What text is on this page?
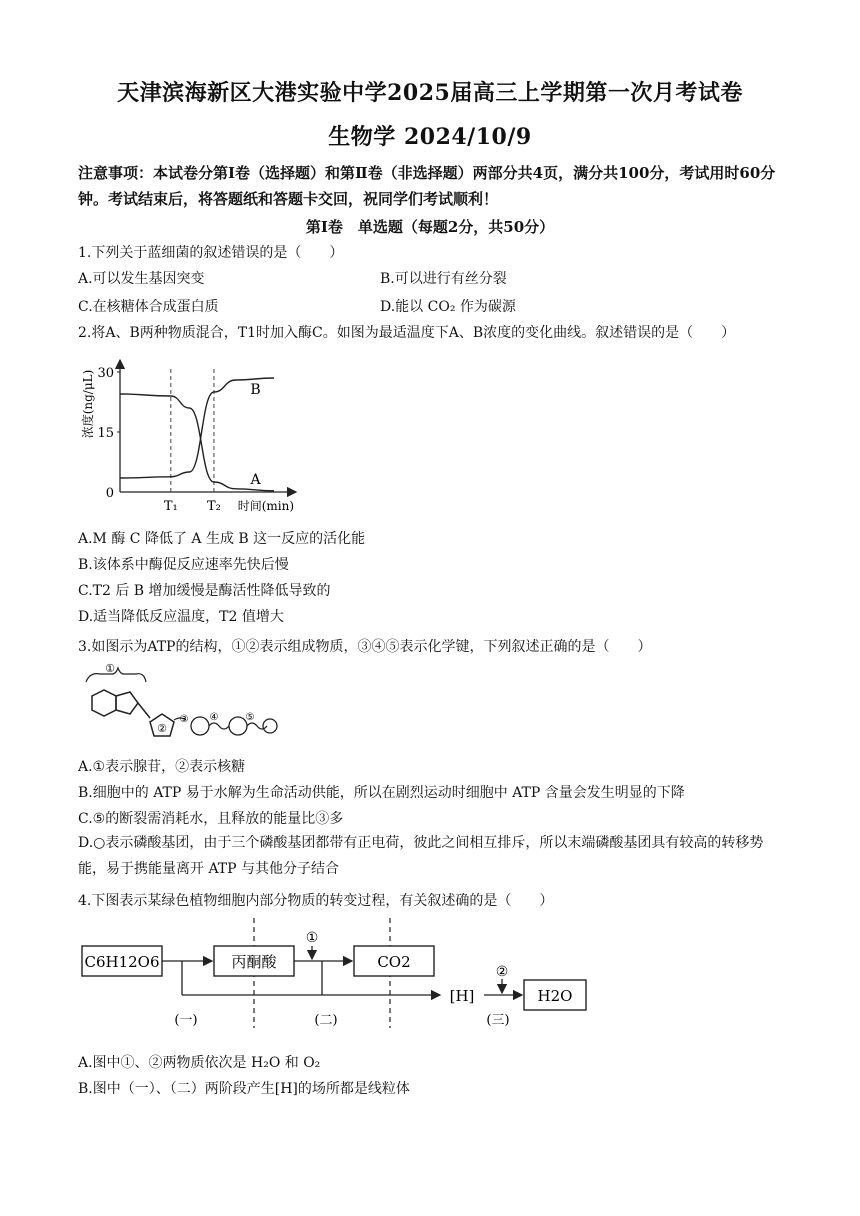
天津滨海新区大港实验中学2025届高三上学期第一次月考试卷
生物学 2024/10/9
注意事项：本试卷分第Ⅰ卷（选择题）和第Ⅱ卷（非选择题）两部分共4页，满分共100分，考试用时60分钟。考试结束后，将答题纸和答题卡交回，祝同学们考试顺利！
第Ⅰ卷　单选题（每题2分，共50分）
1.下列关于蓝细菌的叙述错误的是（　　）
A.可以发生基因突变	B.可以进行有丝分裂
C.在核糖体合成蛋白质	D.能以 CO₂ 作为碳源
2.将A、B两种物质混合，T1时加入酶C。如图为最适温度下A、B浓度的变化曲线。叙述错误的是（　　）
30
15
0
浓度(ng/μL)
T₁ T₂ 时间(min)
B
A
A.M 酶 C 降低了 A 生成 B 这一反应的活化能
B.该体系中酶促反应速率先快后慢
C.T2 后 B 增加缓慢是酶活性降低导致的
D.适当降低反应温度，T2 值增大
3.如图示为ATP的结构，①②表示组成物质，③④⑤表示化学键，下列叙述正确的是（　　）
①
②
③ ④	⑤
A.①表示腺苷，②表示核糖
B.细胞中的 ATP 易于水解为生命活动供能，所以在剧烈运动时细胞中 ATP 含量会发生明显的下降
C.⑤的断裂需消耗水，且释放的能量比③多
D.○表示磷酸基团，由于三个磷酸基团都带有正电荷，彼此之间相互排斥，所以末端磷酸基团具有较高的转移势能，易于携能量离开 ATP 与其他分子结合
4.下图表示某绿色植物细胞内部分物质的转变过程，有关叙述确的是（　　）
C6H12O6	丙酮酸	CO2
H2O
①
[H]
②
(一)	(二)	(三)
A.图中①、②两物质依次是 H₂O 和 O₂
B.图中（一）、（二）两阶段产生[H]的场所都是线粒体
